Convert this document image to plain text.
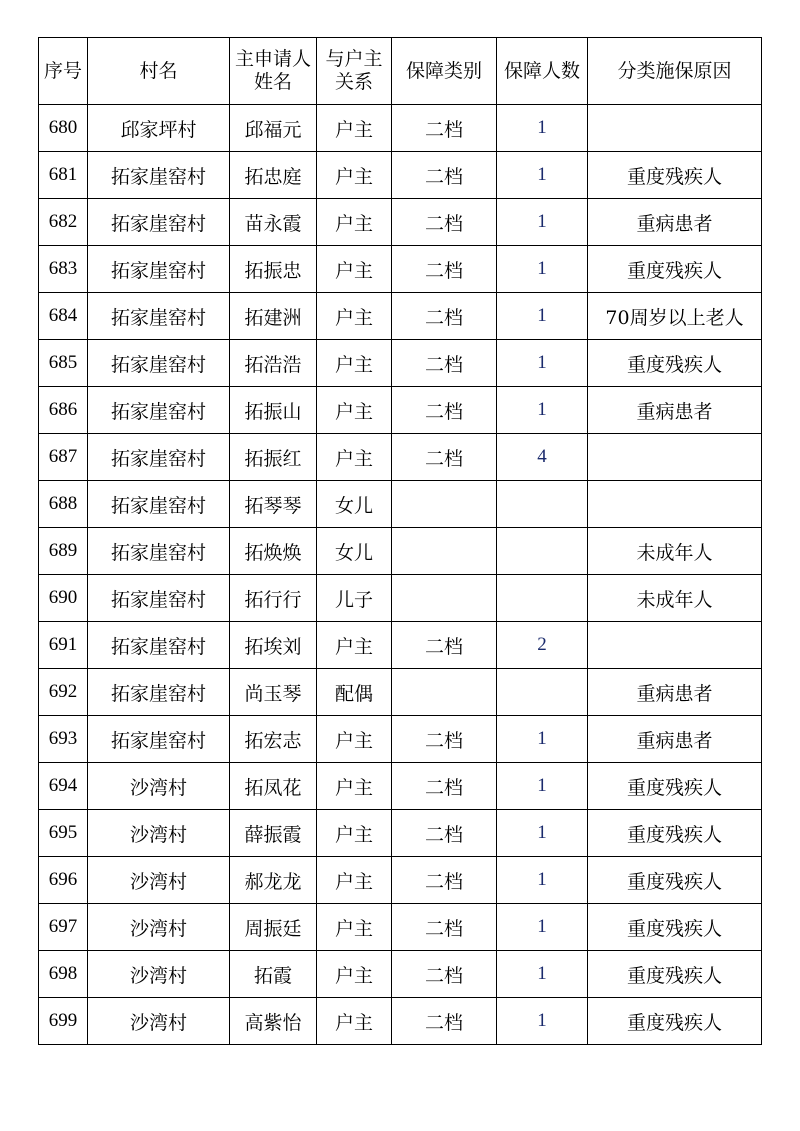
序号	村名	主申请人姓名	与户主关系	保障类别	保障人数	分类施保原因
680	邱家坪村	邱福元	户主	二档	1	
681	拓家崖窑村	拓忠庭	户主	二档	1	重度残疾人
682	拓家崖窑村	苗永霞	户主	二档	1	重病患者
683	拓家崖窑村	拓振忠	户主	二档	1	重度残疾人
684	拓家崖窑村	拓建洲	户主	二档	1	70周岁以上老人
685	拓家崖窑村	拓浩浩	户主	二档	1	重度残疾人
686	拓家崖窑村	拓振山	户主	二档	1	重病患者
687	拓家崖窑村	拓振红	户主	二档	4	
688	拓家崖窑村	拓琴琴	女儿			
689	拓家崖窑村	拓焕焕	女儿			未成年人
690	拓家崖窑村	拓行行	儿子			未成年人
691	拓家崖窑村	拓埃刘	户主	二档	2	
692	拓家崖窑村	尚玉琴	配偶			重病患者
693	拓家崖窑村	拓宏志	户主	二档	1	重病患者
694	沙湾村	拓凤花	户主	二档	1	重度残疾人
695	沙湾村	薛振霞	户主	二档	1	重度残疾人
696	沙湾村	郝龙龙	户主	二档	1	重度残疾人
697	沙湾村	周振廷	户主	二档	1	重度残疾人
698	沙湾村	拓霞	户主	二档	1	重度残疾人
699	沙湾村	高紫怡	户主	二档	1	重度残疾人
